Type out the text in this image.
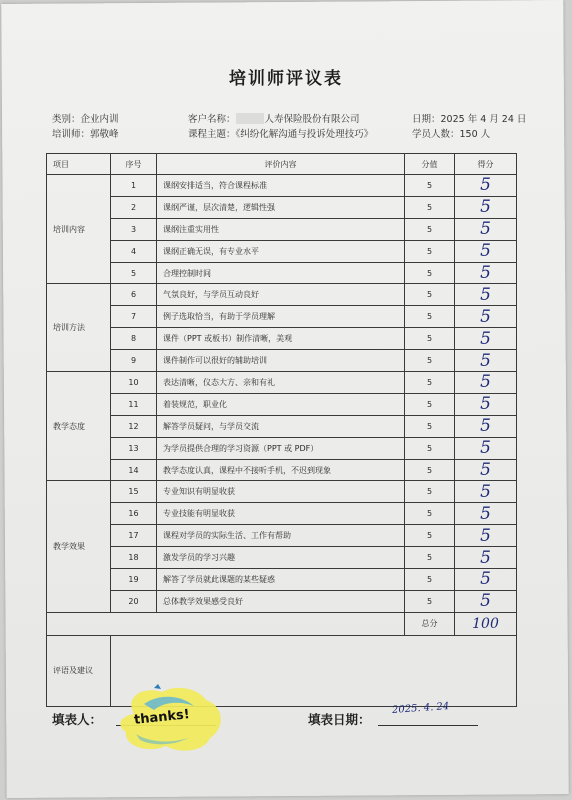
培训师评议表
类别：企业内训
培训师：郭敬峰
客户名称：	人寿保险股份有限公司
课程主题：《纠纷化解沟通与投诉处理技巧》
日期：2025 年 4 月 24 日
学员人数：150 人
项目	序号	评价内容	分值	得分
培训内容	1	课纲安排适当，符合课程标准	5	5
	2	课纲严谨，层次清楚，逻辑性强	5	5
	3	课纲注重实用性	5	5
	4	课纲正确无误，有专业水平	5	5
	5	合理控制时间	5	5
培训方法	6	气氛良好，与学员互动良好	5	5
	7	例子选取恰当，有助于学员理解	5	5
	8	课件（PPT 或板书）制作清晰，美观	5	5
	9	课件制作可以很好的辅助培训	5	5
教学态度	10	表达清晰，仪态大方、亲和有礼	5	5
	11	着装规范，职业化	5	5
	12	解答学员疑问，与学员交流	5	5
	13	为学员提供合理的学习资源（PPT 或 PDF）	5	5
	14	教学态度认真，课程中不接听手机，不迟到现象	5	5
教学效果	15	专业知识有明显收获	5	5
	16	专业技能有明显收获	5	5
	17	课程对学员的实际生活、工作有帮助	5	5
	18	激发学员的学习兴趣	5	5
	19	解答了学员就此课题的某些疑惑	5	5
	20	总体教学效果感受良好	5	5
			总分	100
评语及建议				
填表人：	填表日期：
2025. 4. 24
thanks!
